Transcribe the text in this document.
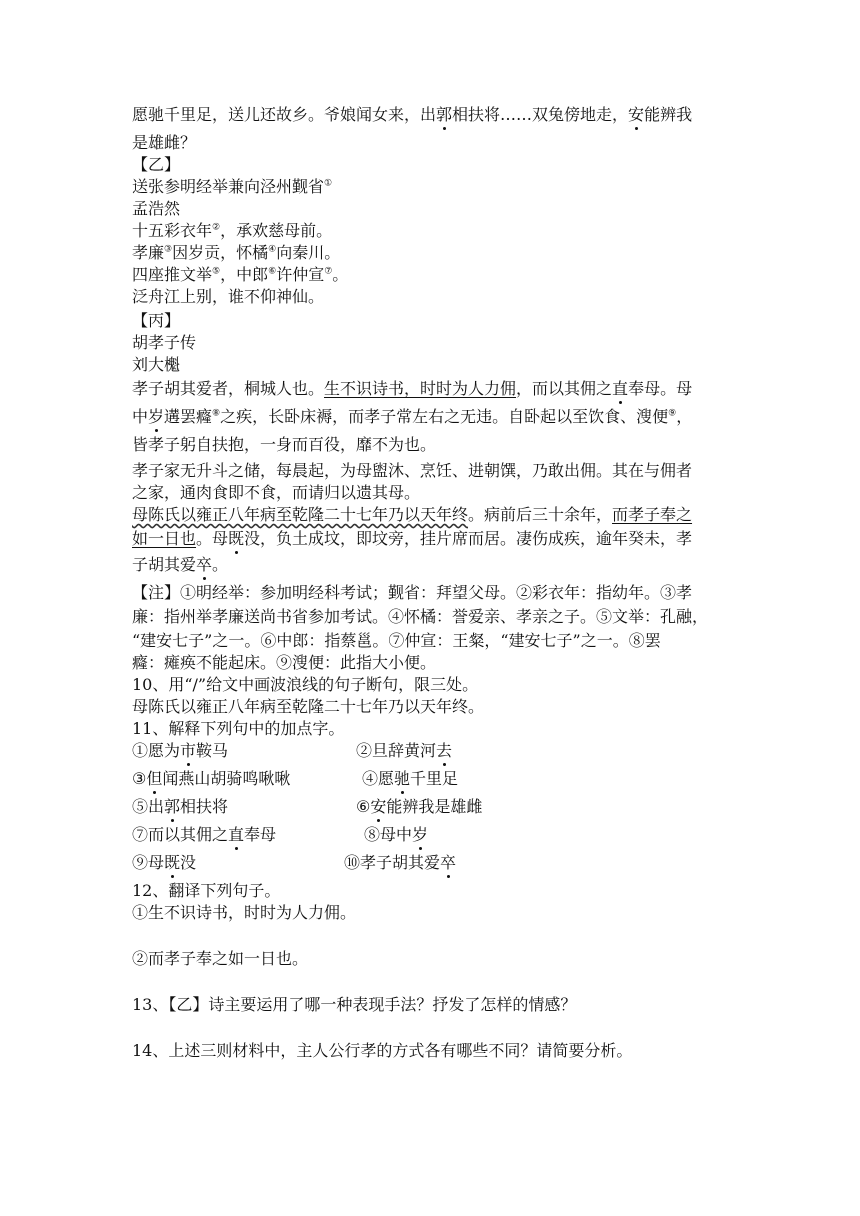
愿驰千里足，送儿还故乡。爷娘闻女来，出郭相扶将……双兔傍地走，安能辨我
是雄雌？
【乙】
送张参明经举兼向泾州觐省①
孟浩然
十五彩衣年②，承欢慈母前。
孝廉③因岁贡，怀橘④向秦川。
四座推文举⑤，中郎⑥许仲宣⑦。
泛舟江上别，谁不仰神仙。
【丙】
胡孝子传
刘大櫆
孝子胡其爱者，桐城人也。生不识诗书，时时为人力佣，而以其佣之直奉母。母
中岁遘罢癃⑧之疾，长卧床褥，而孝子常左右之无违。自卧起以至饮食、溲便⑨，
皆孝子躬自扶抱，一身而百役，靡不为也。
孝子家无升斗之储，每晨起，为母盥沐、烹饪、进朝馔，乃敢出佣。其在与佣者
之家，通肉食即不食，而请归以遗其母。
母陈氏以雍正八年病至乾隆二十七年乃以天年终。病前后三十余年，而孝子奉之
如一日也。母既没，负土成坟，即坟旁，挂片席而居。凄伤成疾，逾年癸未，孝
子胡其爱卒。
【注】①明经举：参加明经科考试；觐省：拜望父母。②彩衣年：指幼年。③孝
廉：指州举孝廉送尚书省参加考试。④怀橘：誉爱亲、孝亲之子。⑤文举：孔融，
“建安七子”之一。⑥中郎：指蔡邕。⑦仲宣：王粲，“建安七子”之一。⑧罢
癃：瘫痪不能起床。⑨溲便：此指大小便。
10、用“/”给文中画波浪线的句子断句，限三处。
母陈氏以雍正八年病至乾隆二十七年乃以天年终。
11、解释下列句中的加点字。
①愿为市鞍马	②旦辞黄河去
③但闻燕山胡骑鸣啾啾	④愿驰千里足
⑤出郭相扶将	⑥安能辨我是雄雌
⑦而以其佣之直奉母	⑧母中岁
⑨母既没	⑩孝子胡其爱卒
12、翻译下列句子。
①生不识诗书，时时为人力佣。
②而孝子奉之如一日也。
13、【乙】诗主要运用了哪一种表现手法？抒发了怎样的情感？
14、上述三则材料中，主人公行孝的方式各有哪些不同？请简要分析。
